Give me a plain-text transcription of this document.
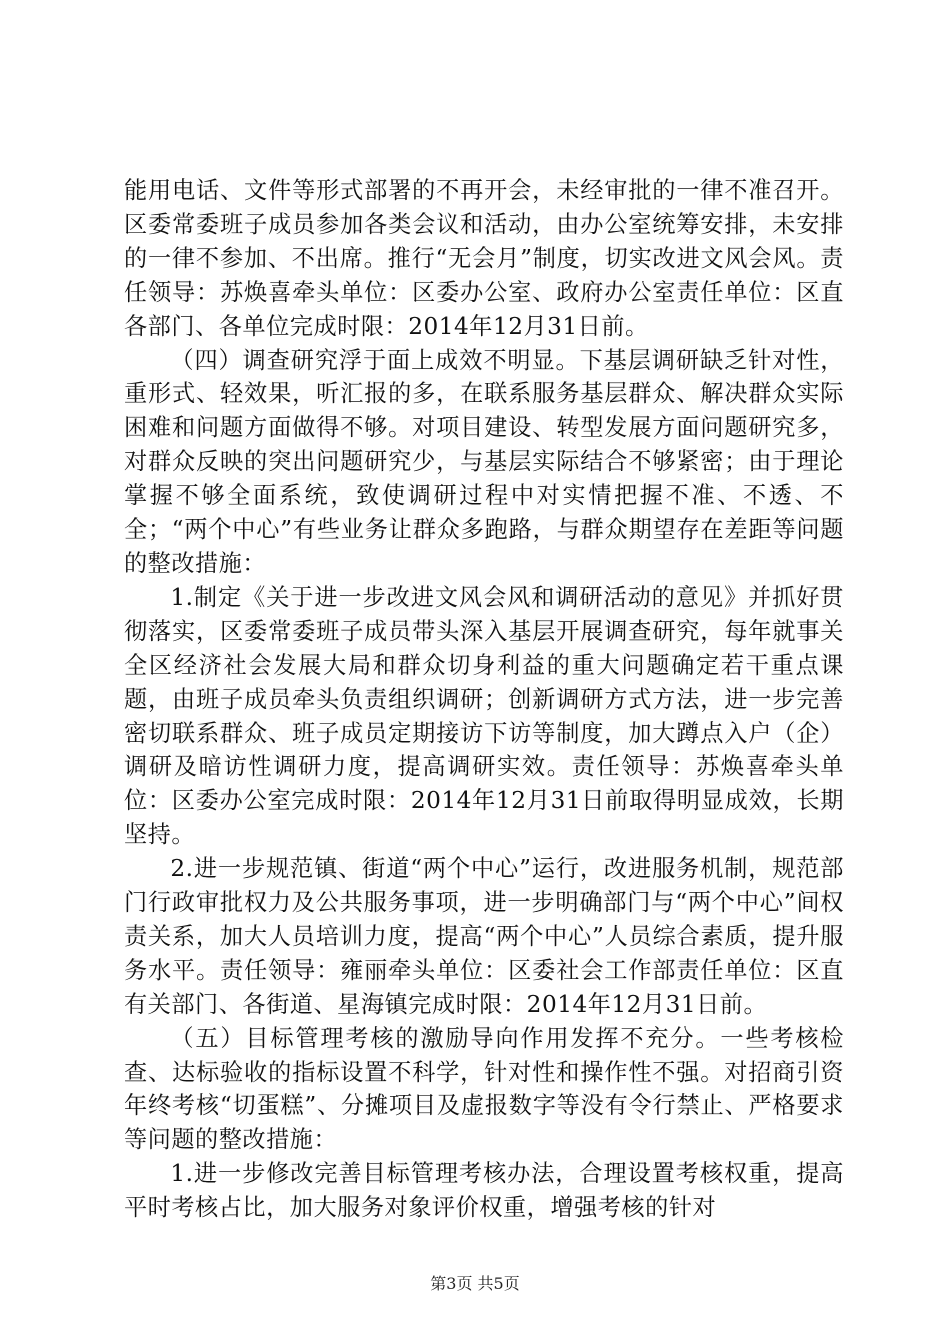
能用电话、文件等形式部署的不再开会，未经审批的一律不准召开。区委常委班子成员参加各类会议和活动，由办公室统筹安排，未安排的一律不参加、不出席。推行“无会月”制度，切实改进文风会风。责任领导：苏焕喜牵头单位：区委办公室、政府办公室责任单位：区直各部门、各单位完成时限：2014年12月31日前。

（四）调查研究浮于面上成效不明显。下基层调研缺乏针对性，重形式、轻效果，听汇报的多，在联系服务基层群众、解决群众实际困难和问题方面做得不够。对项目建设、转型发展方面问题研究多，对群众反映的突出问题研究少，与基层实际结合不够紧密；由于理论掌握不够全面系统，致使调研过程中对实情把握不准、不透、不全；“两个中心”有些业务让群众多跑路，与群众期望存在差距等问题的整改措施：

1.制定《关于进一步改进文风会风和调研活动的意见》并抓好贯彻落实，区委常委班子成员带头深入基层开展调查研究，每年就事关全区经济社会发展大局和群众切身利益的重大问题确定若干重点课题，由班子成员牵头负责组织调研；创新调研方式方法，进一步完善密切联系群众、班子成员定期接访下访等制度，加大蹲点入户（企）调研及暗访性调研力度，提高调研实效。责任领导：苏焕喜牵头单位：区委办公室完成时限：2014年12月31日前取得明显成效，长期坚持。

2.进一步规范镇、街道“两个中心”运行，改进服务机制，规范部门行政审批权力及公共服务事项，进一步明确部门与“两个中心”间权责关系，加大人员培训力度，提高“两个中心”人员综合素质，提升服务水平。责任领导：雍丽牵头单位：区委社会工作部责任单位：区直有关部门、各街道、星海镇完成时限：2014年12月31日前。

（五）目标管理考核的激励导向作用发挥不充分。一些考核检查、达标验收的指标设置不科学，针对性和操作性不强。对招商引资年终考核“切蛋糕”、分摊项目及虚报数字等没有令行禁止、严格要求等问题的整改措施：

1.进一步修改完善目标管理考核办法，合理设置考核权重，提高平时考核占比，加大服务对象评价权重，增强考核的针对

第3页 共5页
